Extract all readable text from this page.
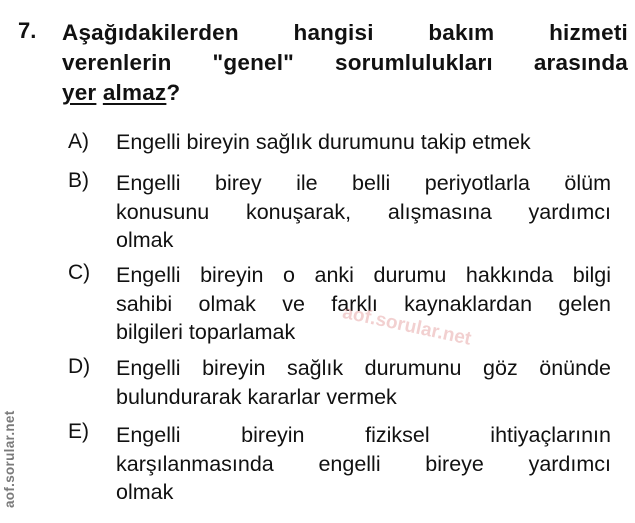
7. Aşağıdakilerden hangisi bakım hizmeti
verenlerin "genel" sorumlulukları arasında
yer almaz?
A) Engelli bireyin sağlık durumunu takip etmek
B) Engelli birey ile belli periyotlarla ölüm
konusunu konuşarak, alışmasına yardımcı
olmak
C) Engelli bireyin o anki durumu hakkında bilgi
sahibi olmak ve farklı kaynaklardan gelen
bilgileri toparlamak
D) Engelli bireyin sağlık durumunu göz önünde
bulundurarak kararlar vermek
E) Engelli bireyin fiziksel ihtiyaçlarının
karşılanmasında engelli bireye yardımcı
olmak
aof.sorular.net
aof.sorular.net
